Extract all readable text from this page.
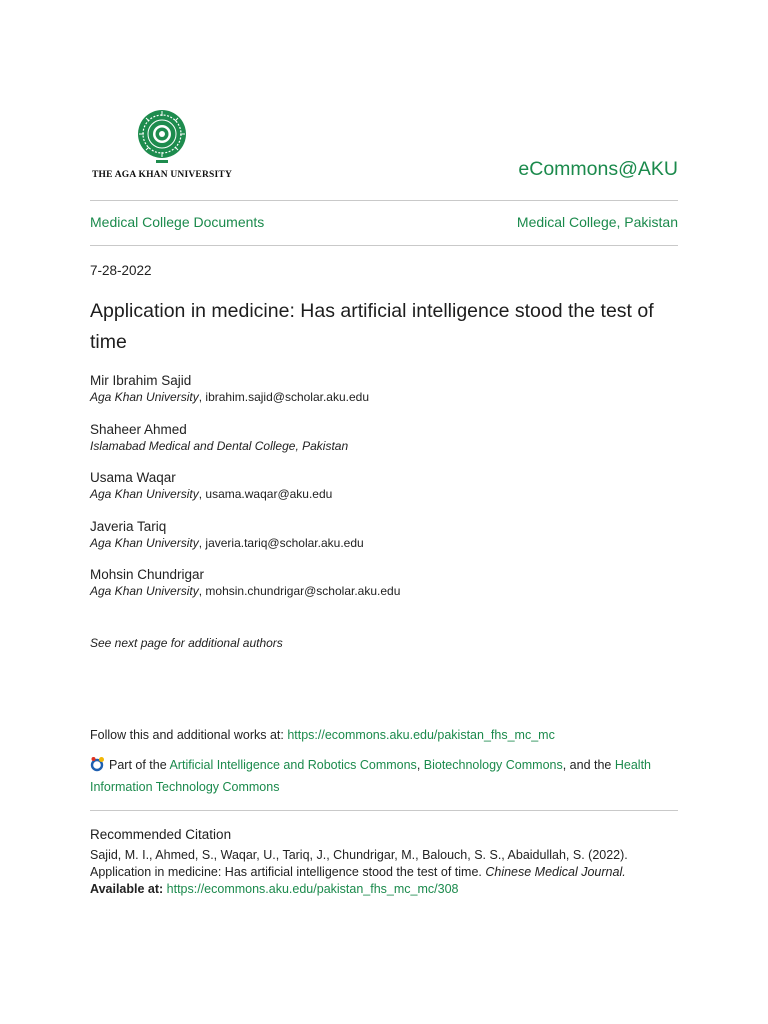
THE AGA KHAN UNIVERSITY	eCommons@AKU
Medical College Documents	Medical College, Pakistan
7-28-2022
Application in medicine: Has artificial intelligence stood the test of time
Mir Ibrahim Sajid
Aga Khan University, ibrahim.sajid@scholar.aku.edu
Shaheer Ahmed
Islamabad Medical and Dental College, Pakistan
Usama Waqar
Aga Khan University, usama.waqar@aku.edu
Javeria Tariq
Aga Khan University, javeria.tariq@scholar.aku.edu
Mohsin Chundrigar
Aga Khan University, mohsin.chundrigar@scholar.aku.edu
See next page for additional authors
Follow this and additional works at: https://ecommons.aku.edu/pakistan_fhs_mc_mc
Part of the Artificial Intelligence and Robotics Commons, Biotechnology Commons, and the Health Information Technology Commons
Recommended Citation
Sajid, M. I., Ahmed, S., Waqar, U., Tariq, J., Chundrigar, M., Balouch, S. S., Abaidullah, S. (2022). Application in medicine: Has artificial intelligence stood the test of time. Chinese Medical Journal.
Available at: https://ecommons.aku.edu/pakistan_fhs_mc_mc/308
